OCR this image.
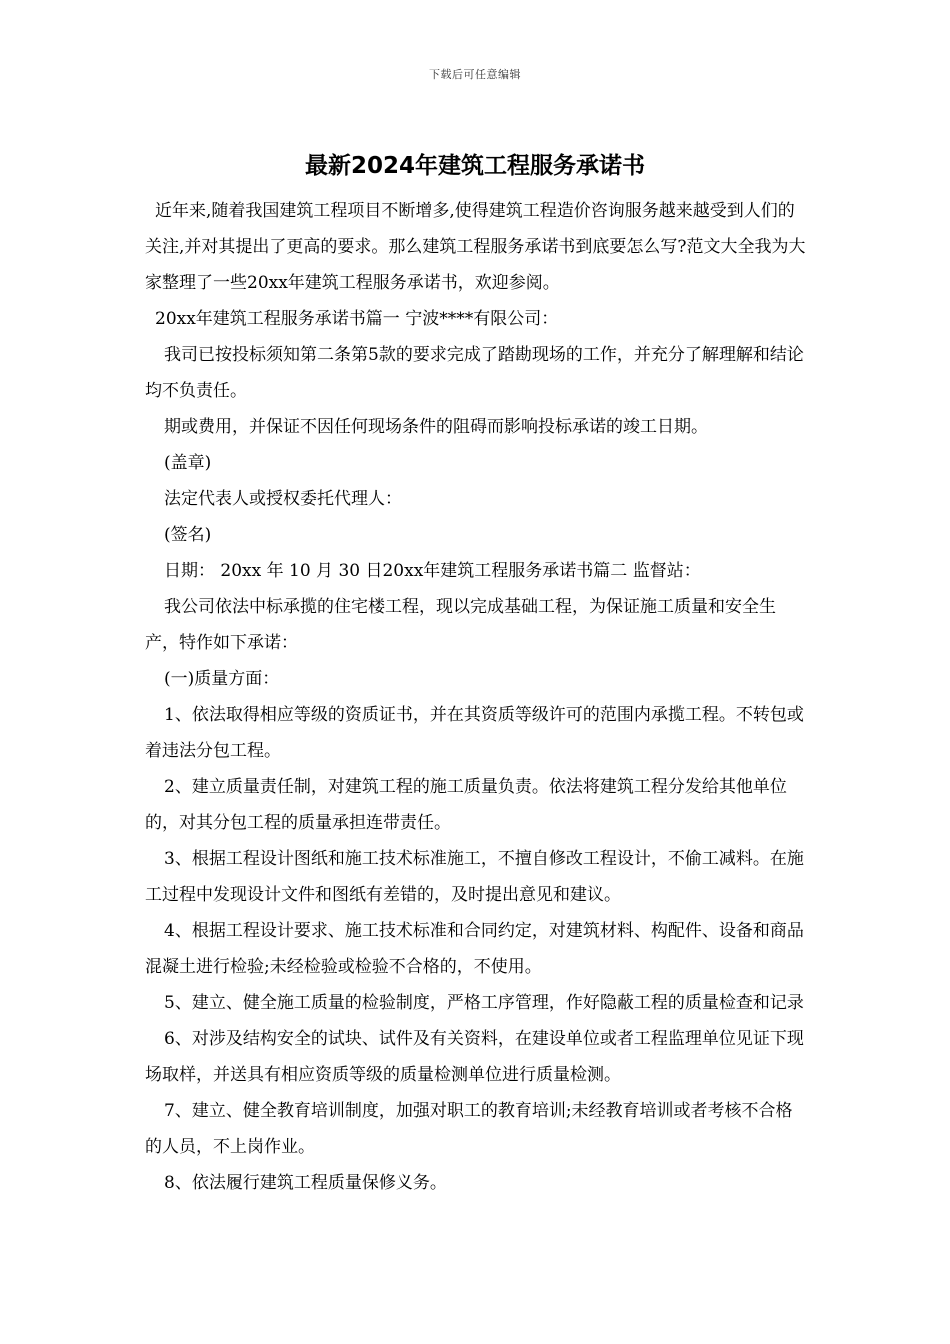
下载后可任意编辑
最新2024年建筑工程服务承诺书

近年来,随着我国建筑工程项目不断增多,使得建筑工程造价咨询服务越来越受到人们的关注,并对其提出了更高的要求。那么建筑工程服务承诺书到底要怎么写?范文大全我为大家整理了一些20xx年建筑工程服务承诺书，欢迎参阅。

20xx年建筑工程服务承诺书篇一 宁波****有限公司：

我司已按投标须知第二条第5款的要求完成了踏勘现场的工作，并充分了解理解和结论均不负责任。

期或费用，并保证不因任何现场条件的阻碍而影响投标承诺的竣工日期。

(盖章)

法定代表人或授权委托代理人：

(签名)

日期： 20xx 年 10 月 30 日20xx年建筑工程服务承诺书篇二 监督站：

我公司依法中标承揽的住宅楼工程，现以完成基础工程，为保证施工质量和安全生产，特作如下承诺：

(一)质量方面：

1、依法取得相应等级的资质证书，并在其资质等级许可的范围内承揽工程。不转包或着违法分包工程。

2、建立质量责任制，对建筑工程的施工质量负责。依法将建筑工程分发给其他单位的，对其分包工程的质量承担连带责任。

3、根据工程设计图纸和施工技术标准施工，不擅自修改工程设计，不偷工减料。在施工过程中发现设计文件和图纸有差错的，及时提出意见和建议。

4、根据工程设计要求、施工技术标准和合同约定，对建筑材料、构配件、设备和商品混凝土进行检验;未经检验或检验不合格的，不使用。

5、建立、健全施工质量的检验制度，严格工序管理，作好隐蔽工程的质量检查和记录

6、对涉及结构安全的试块、试件及有关资料，在建设单位或者工程监理单位见证下现场取样，并送具有相应资质等级的质量检测单位进行质量检测。

7、建立、健全教育培训制度，加强对职工的教育培训;未经教育培训或者考核不合格的人员，不上岗作业。

8、依法履行建筑工程质量保修义务。
